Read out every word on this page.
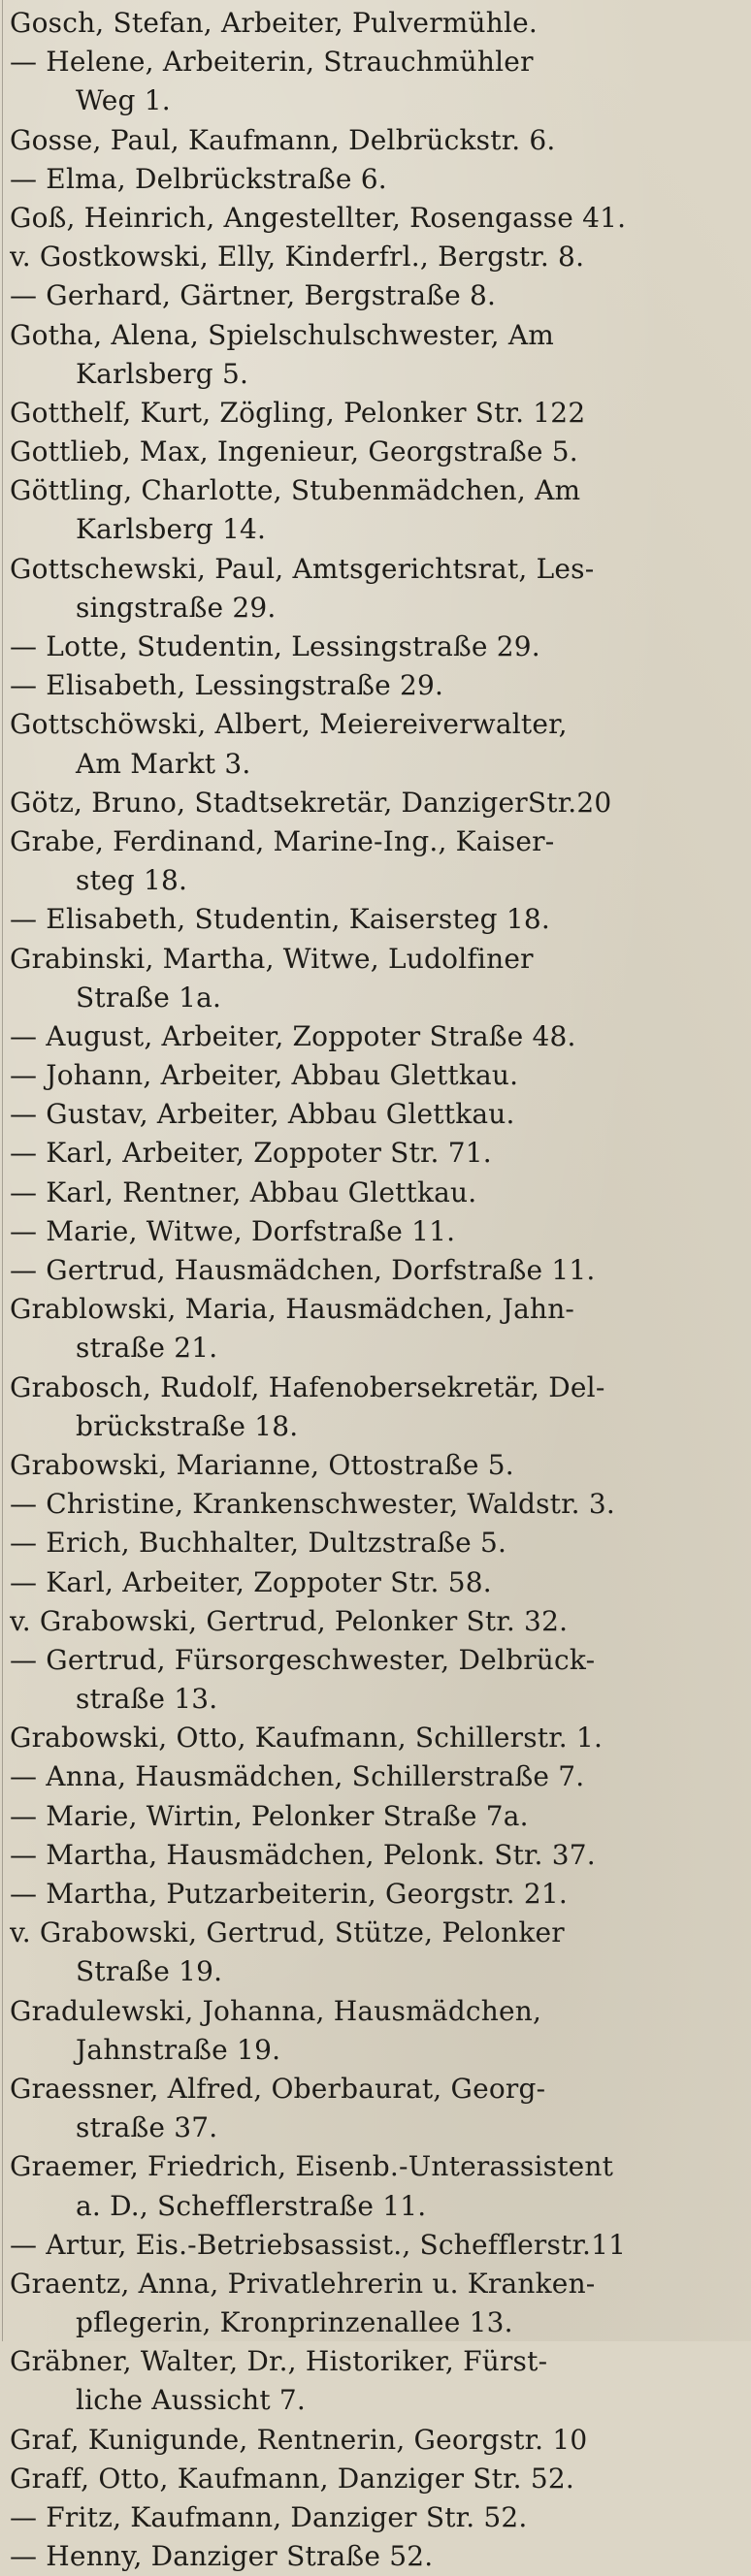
Gosch, Stefan, Arbeiter, Pulvermühle.
— Helene, Arbeiterin, Strauchmühler
Weg 1.
Gosse, Paul, Kaufmann, Delbrückstr. 6.
— Elma, Delbrückstraße 6.
Goß, Heinrich, Angestellter, Rosengasse 41.
v. Gostkowski, Elly, Kinderfrl., Bergstr. 8.
— Gerhard, Gärtner, Bergstraße 8.
Gotha, Alena, Spielschulschwester, Am
Karlsberg 5.
Gotthelf, Kurt, Zögling, Pelonker Str. 122
Gottlieb, Max, Ingenieur, Georgstraße 5.
Göttling, Charlotte, Stubenmädchen, Am
Karlsberg 14.
Gottschewski, Paul, Amtsgerichtsrat, Les-
singstraße 29.
— Lotte, Studentin, Lessingstraße 29.
— Elisabeth, Lessingstraße 29.
Gottschöwski, Albert, Meiereiverwalter,
Am Markt 3.
Götz, Bruno, Stadtsekretär, DanzigerStr.20
Grabe, Ferdinand, Marine-Ing., Kaiser-
steg 18.
— Elisabeth, Studentin, Kaisersteg 18.
Grabinski, Martha, Witwe, Ludolfiner
Straße 1a.
— August, Arbeiter, Zoppoter Straße 48.
— Johann, Arbeiter, Abbau Glettkau.
— Gustav, Arbeiter, Abbau Glettkau.
— Karl, Arbeiter, Zoppoter Str. 71.
— Karl, Rentner, Abbau Glettkau.
— Marie, Witwe, Dorfstraße 11.
— Gertrud, Hausmädchen, Dorfstraße 11.
Grablowski, Maria, Hausmädchen, Jahn-
straße 21.
Grabosch, Rudolf, Hafenobersekretär, Del-
brückstraße 18.
Grabowski, Marianne, Ottostraße 5.
— Christine, Krankenschwester, Waldstr. 3.
— Erich, Buchhalter, Dultzstraße 5.
— Karl, Arbeiter, Zoppoter Str. 58.
v. Grabowski, Gertrud, Pelonker Str. 32.
— Gertrud, Fürsorgeschwester, Delbrück-
straße 13.
Grabowski, Otto, Kaufmann, Schillerstr. 1.
— Anna, Hausmädchen, Schillerstraße 7.
— Marie, Wirtin, Pelonker Straße 7a.
— Martha, Hausmädchen, Pelonk. Str. 37.
— Martha, Putzarbeiterin, Georgstr. 21.
v. Grabowski, Gertrud, Stütze, Pelonker
Straße 19.
Gradulewski, Johanna, Hausmädchen,
Jahnstraße 19.
Graessner, Alfred, Oberbaurat, Georg-
straße 37.
Graemer, Friedrich, Eisenb.-Unterassistent
a. D., Schefflerstraße 11.
— Artur, Eis.-Betriebsassist., Schefflerstr.11
Graentz, Anna, Privatlehrerin u. Kranken-
pflegerin, Kronprinzenallee 13.
Gräbner, Walter, Dr., Historiker, Fürst-
liche Aussicht 7.
Graf, Kunigunde, Rentnerin, Georgstr. 10
Graff, Otto, Kaufmann, Danziger Str. 52.
— Fritz, Kaufmann, Danziger Str. 52.
— Henny, Danziger Straße 52.
